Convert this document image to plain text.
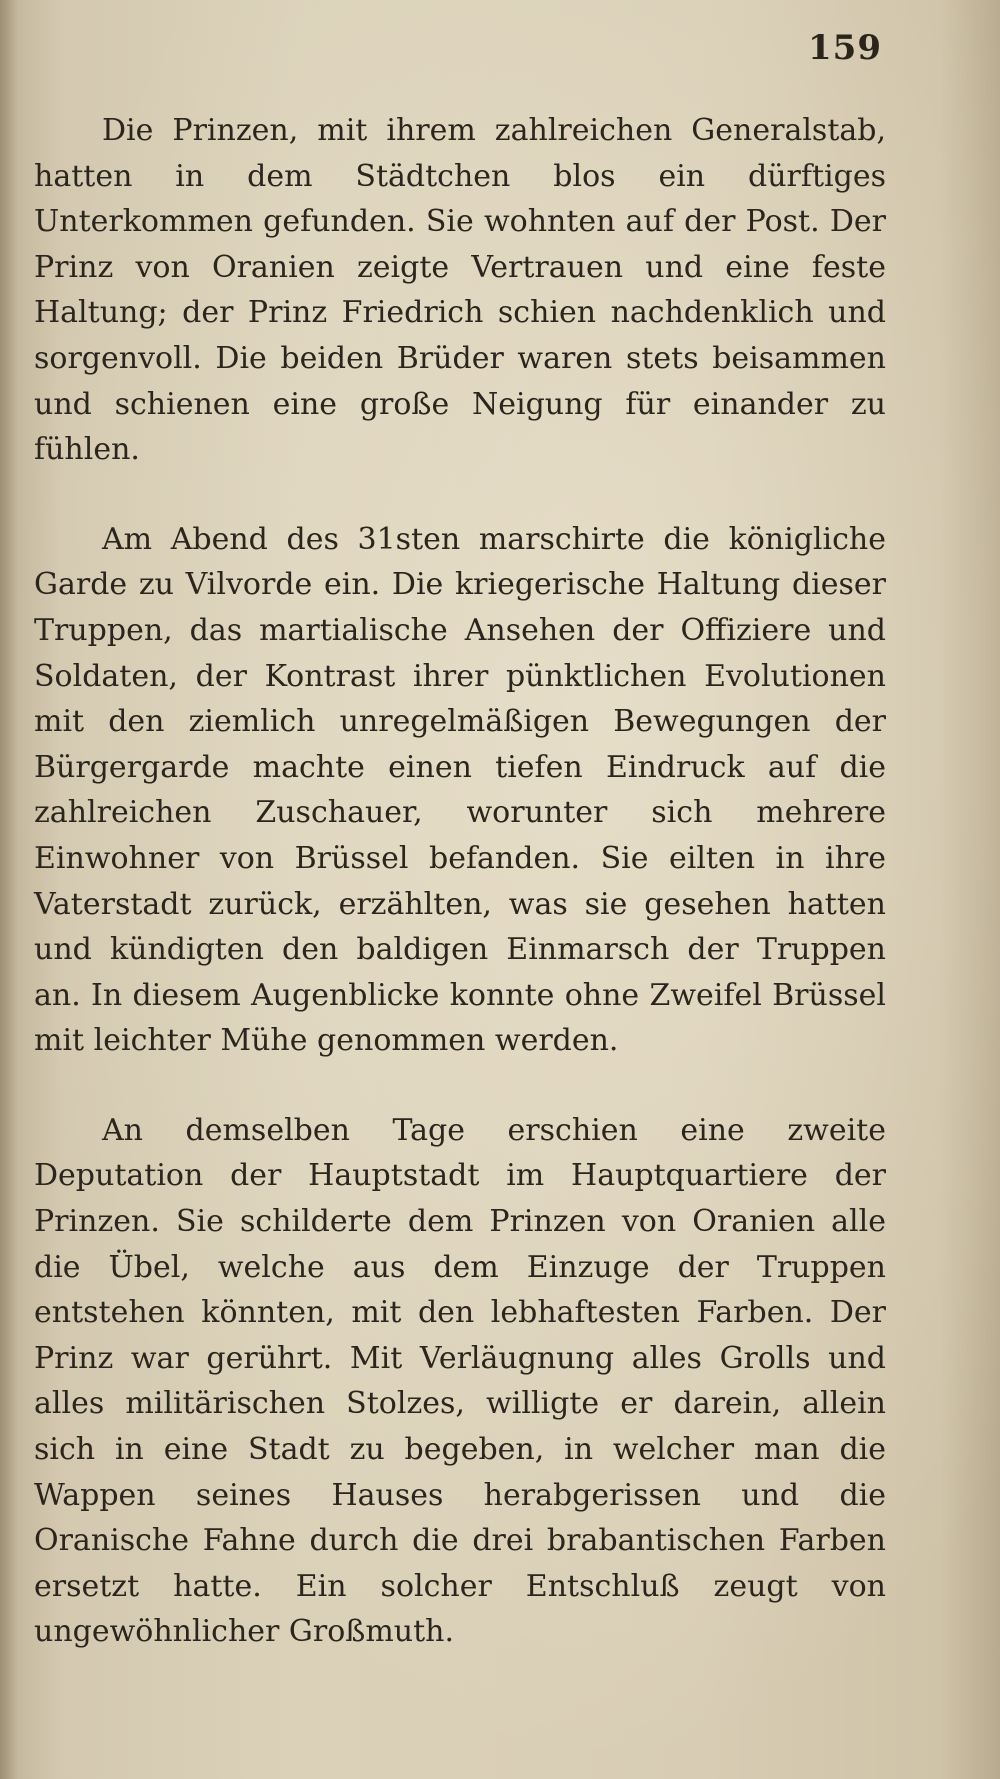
159

Die Prinzen, mit ihrem zahlreichen Generalstab, hatten in dem Städtchen blos ein dürftiges Unterkommen gefunden. Sie wohnten auf der Post. Der Prinz von Oranien zeigte Vertrauen und eine feste Haltung; der Prinz Friedrich schien nachdenklich und sorgenvoll. Die beiden Brüder waren stets beisammen und schienen eine große Neigung für einander zu fühlen.

Am Abend des 31sten marschirte die königliche Garde zu Vilvorde ein. Die kriegerische Haltung dieser Truppen, das martialische Ansehen der Offiziere und Soldaten, der Kontrast ihrer pünktlichen Evolutionen mit den ziemlich unregelmäßigen Bewegungen der Bürgergarde machte einen tiefen Eindruck auf die zahlreichen Zuschauer, worunter sich mehrere Einwohner von Brüssel befanden. Sie eilten in ihre Vaterstadt zurück, erzählten, was sie gesehen hatten und kündigten den baldigen Einmarsch der Truppen an. In diesem Augenblicke konnte ohne Zweifel Brüssel mit leichter Mühe genommen werden.

An demselben Tage erschien eine zweite Deputation der Hauptstadt im Hauptquartiere der Prinzen. Sie schilderte dem Prinzen von Oranien alle die Übel, welche aus dem Einzuge der Truppen entstehen könnten, mit den lebhaftesten Farben. Der Prinz war gerührt. Mit Verläugnung alles Grolls und alles militärischen Stolzes, willigte er darein, allein sich in eine Stadt zu begeben, in welcher man die Wappen seines Hauses herabgerissen und die Oranische Fahne durch die drei brabantischen Farben ersetzt hatte. Ein solcher Entschluß zeugt von ungewöhnlicher Großmuth.
